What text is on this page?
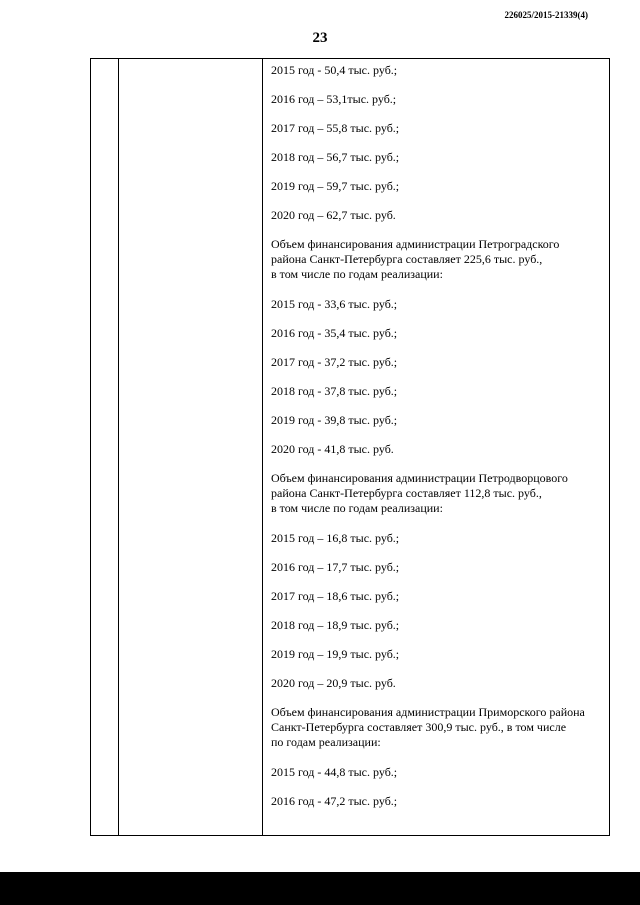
226025/2015-21339(4)
23
2015 год - 50,4 тыс. руб.;
2016 год – 53,1тыс. руб.;
2017 год – 55,8 тыс. руб.;
2018 год – 56,7 тыс. руб.;
2019 год – 59,7 тыс. руб.;
2020 год – 62,7 тыс. руб.
Объем финансирования администрации Петроградского
района Санкт-Петербурга составляет 225,6 тыс. руб.,
в том числе по годам реализации:
2015 год - 33,6 тыс. руб.;
2016 год - 35,4 тыс. руб.;
2017 год - 37,2 тыс. руб.;
2018 год - 37,8 тыс. руб.;
2019 год - 39,8 тыс. руб.;
2020 год - 41,8 тыс. руб.
Объем финансирования администрации Петродворцового
района Санкт-Петербурга составляет 112,8 тыс. руб.,
в том числе по годам реализации:
2015 год – 16,8 тыс. руб.;
2016 год – 17,7 тыс. руб.;
2017 год – 18,6 тыс. руб.;
2018 год – 18,9 тыс. руб.;
2019 год – 19,9 тыс. руб.;
2020 год – 20,9 тыс. руб.
Объем финансирования администрации Приморского района
Санкт-Петербурга составляет 300,9 тыс. руб., в том числе
по годам реализации:
2015 год - 44,8 тыс. руб.;
2016 год - 47,2 тыс. руб.;
